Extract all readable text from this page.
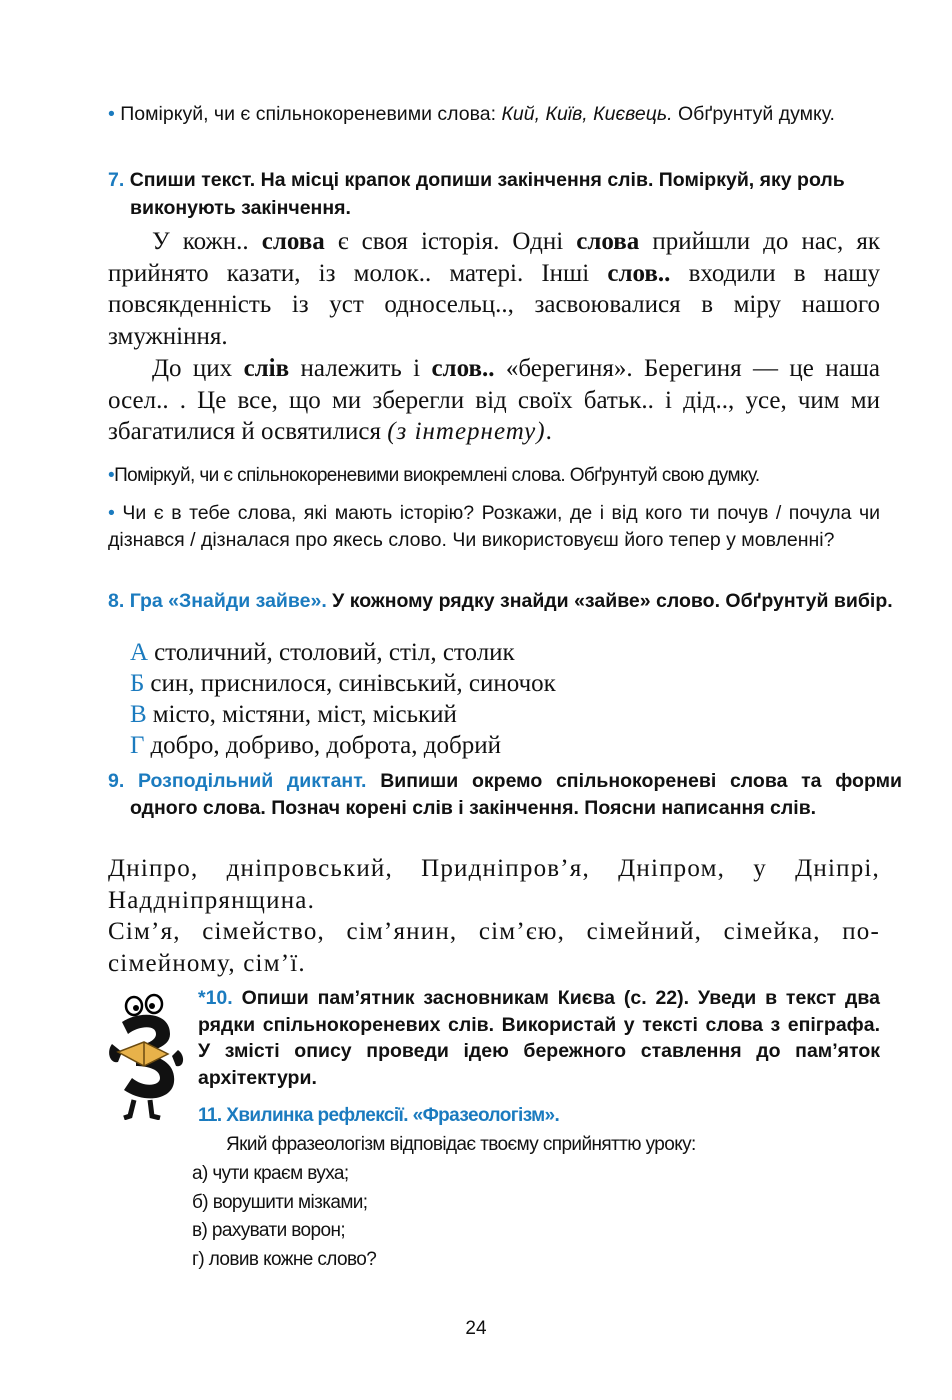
• Поміркуй, чи є спільнокореневими слова: Кий, Київ, Києвець. Обґрунтуй думку.
7. Спиши текст. На місці крапок допиши закінчення слів. Поміркуй, яку роль виконують закінчення.
У кожн.. слова є своя історія. Одні слова прийшли до нас, як прийнято казати, із молок.. матері. Інші слов.. входили в нашу повсякденність із уст односельц.., засвоювалися в міру нашого змужніння.
До цих слів належить і слов.. «берегиня». Берегиня — це наша осел.. . Це все, що ми зберегли від своїх батьк.. і дід.., усе, чим ми збагатилися й освятилися (з інтернету).
•Поміркуй, чи є спільнокореневими виокремлені слова. Обґрунтуй свою думку.
• Чи є в тебе слова, які мають історію? Розкажи, де і від кого ти почув / почула чи дізнався / дізналася про якесь слово. Чи використовуєш його тепер у мовленні?
8. Гра «Знайди зайве». У кожному рядку знайди «зайве» слово. Обґрунтуй вибір.
А столичний, столовий, стіл, столик
Б син, приснилося, синівський, синочок
В місто, містяни, міст, міський
Г добро, добриво, доброта, добрий
9. Розподільний диктант. Випиши окремо спільнокореневі слова та форми одного слова. Познач корені слів і закінчення. Поясни написання слів.
Дніпро, дніпровський, Придніпров’я, Дніпром, у Дніпрі, Наддніпрянщина.
Сім’я, сімейство, сім’янин, сім’єю, сімейний, сімейка, по-сімейному, сім’ї.
*10. Опиши пам’ятник засновникам Києва (с. 22). Уведи в текст два рядки спільнокореневих слів. Використай у тексті слова з епіграфа. У змісті опису проведи ідею бережного ставлення до пам’яток архітектури.
11. Хвилинка рефлексії. «Фразеологізм».
Який фразеологізм відповідає твоєму сприйняттю уроку:
а) чути краєм вуха;
б) ворушити мізками;
в) рахувати ворон;
г) ловив кожне слово?
24
